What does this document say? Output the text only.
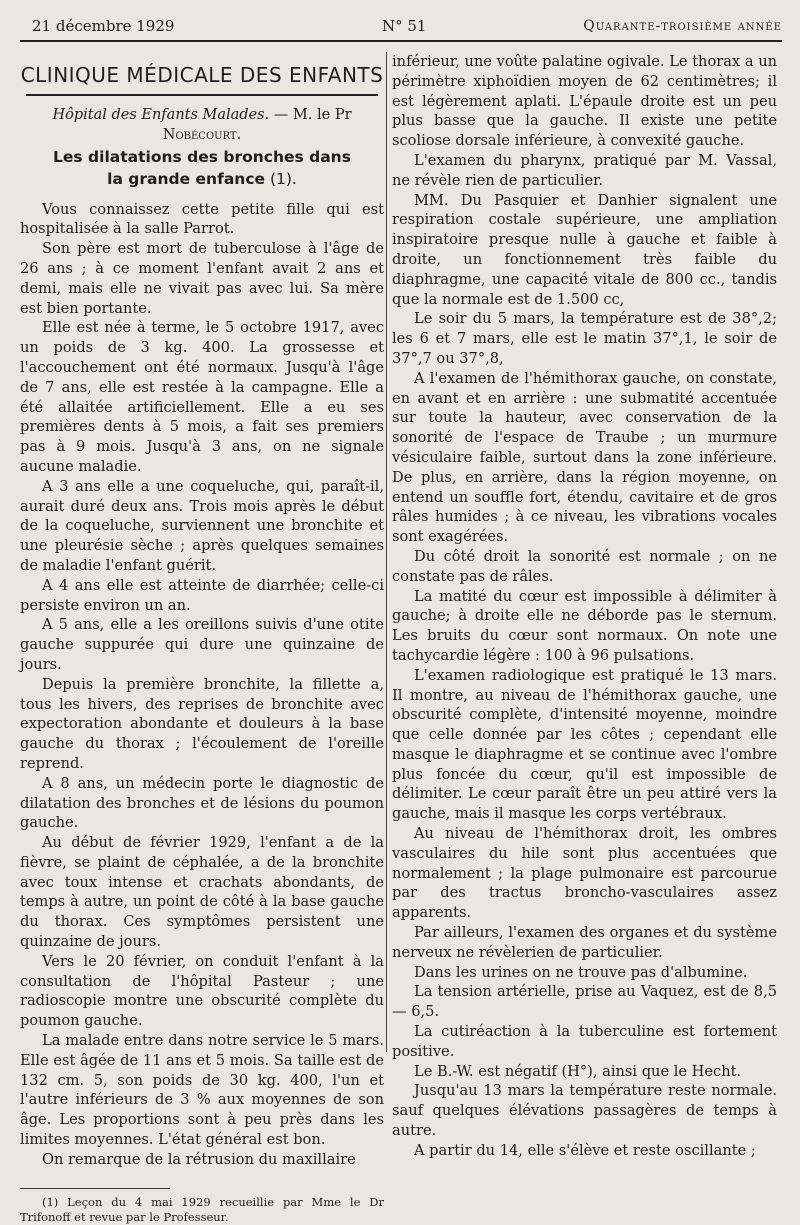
21 décembre 1929	N° 51	Quarante-troisième année
CLINIQUE MÉDICALE DES ENFANTS

Hôpital des Enfants Malades. — M. le Pr Nobécourt.

Les dilatations des bronches dans
la grande enfance (1).

Vous connaissez cette petite fille qui est hospitalisée à la salle Parrot.

Son père est mort de tuberculose à l'âge de 26 ans ; à ce moment l'enfant avait 2 ans et demi, mais elle ne vivait pas avec lui. Sa mère est bien portante.

Elle est née à terme, le 5 octobre 1917, avec un poids de 3 kg. 400. La grossesse et l'accouchement ont été normaux. Jusqu'à l'âge de 7 ans, elle est restée à la campagne. Elle a été allaitée artificiellement. Elle a eu ses premières dents à 5 mois, a fait ses premiers pas à 9 mois. Jusqu'à 3 ans, on ne signale aucune maladie.

A 3 ans elle a une coqueluche, qui, paraît-il, aurait duré deux ans. Trois mois après le début de la coqueluche, surviennent une bronchite et une pleurésie sèche ; après quelques semaines de maladie l'enfant guérit.

A 4 ans elle est atteinte de diarrhée; celle-ci persiste environ un an.

A 5 ans, elle a les oreillons suivis d'une otite gauche suppurée qui dure une quinzaine de jours.

Depuis la première bronchite, la fillette a, tous les hivers, des reprises de bronchite avec expectoration abondante et douleurs à la base gauche du thorax ; l'écoulement de l'oreille reprend.

A 8 ans, un médecin porte le diagnostic de dilatation des bronches et de lésions du poumon gauche.

Au début de février 1929, l'enfant a de la fièvre, se plaint de céphalée, a de la bronchite avec toux intense et crachats abondants, de temps à autre, un point de côté à la base gauche du thorax. Ces symptômes persistent une quinzaine de jours.

Vers le 20 février, on conduit l'enfant à la consultation de l'hôpital Pasteur ; une radioscopie montre une obscurité complète du poumon gauche.

La malade entre dans notre service le 5 mars. Elle est âgée de 11 ans et 5 mois. Sa taille est de 132 cm. 5, son poids de 30 kg. 400, l'un et l'autre inférieurs de 3 % aux moyennes de son âge. Les proportions sont à peu près dans les limites moyennes. L'état général est bon.

On remarque de la rétrusion du maxillaire

(1) Leçon du 4 mai 1929 recueillie par Mme le Dr Trifonoff et revue par le Professeur.

inférieur, une voûte palatine ogivale. Le thorax a un périmètre xiphoïdien moyen de 62 centimètres; il est légèrement aplati. L'épaule droite est un peu plus basse que la gauche. Il existe une petite scoliose dorsale inférieure, à convexité gauche.

L'examen du pharynx, pratiqué par M. Vassal, ne révèle rien de particulier.

MM. Du Pasquier et Danhier signalent une respiration costale supérieure, une ampliation inspiratoire presque nulle à gauche et faible à droite, un fonctionnement très faible du diaphragme, une capacité vitale de 800 cc., tandis que la normale est de 1.500 cc,

Le soir du 5 mars, la température est de 38°,2; les 6 et 7 mars, elle est le matin 37°,1, le soir de 37°,7 ou 37°,8,

A l'examen de l'hémithorax gauche, on constate, en avant et en arrière : une submatité accentuée sur toute la hauteur, avec conservation de la sonorité de l'espace de Traube ; un murmure vésiculaire faible, surtout dans la zone inférieure. De plus, en arrière, dans la région moyenne, on entend un souffle fort, étendu, cavitaire et de gros râles humides ; à ce niveau, les vibrations vocales sont exagérées.

Du côté droit la sonorité est normale ; on ne constate pas de râles.

La matité du cœur est impossible à délimiter à gauche; à droite elle ne déborde pas le sternum. Les bruits du cœur sont normaux. On note une tachycardie légère : 100 à 96 pulsations.

L'examen radiologique est pratiqué le 13 mars. Il montre, au niveau de l'hémithorax gauche, une obscurité complète, d'intensité moyenne, moindre que celle donnée par les côtes ; cependant elle masque le diaphragme et se continue avec l'ombre plus foncée du cœur, qu'il est impossible de délimiter. Le cœur paraît être un peu attiré vers la gauche, mais il masque les corps vertébraux.

Au niveau de l'hémithorax droit, les ombres vasculaires du hile sont plus accentuées que normalement ; la plage pulmonaire est parcourue par des tractus broncho-vasculaires assez apparents.

Par ailleurs, l'examen des organes et du système nerveux ne révèlerien de particulier.

Dans les urines on ne trouve pas d'albumine.

La tension artérielle, prise au Vaquez, est de 8,5 — 6,5.

La cutiréaction à la tuberculine est fortement positive.

Le B.-W. est négatif (H°), ainsi que le Hecht.

Jusqu'au 13 mars la température reste normale. sauf quelques élévations passagères de temps à autre.

A partir du 14, elle s'élève et reste oscillante ;
